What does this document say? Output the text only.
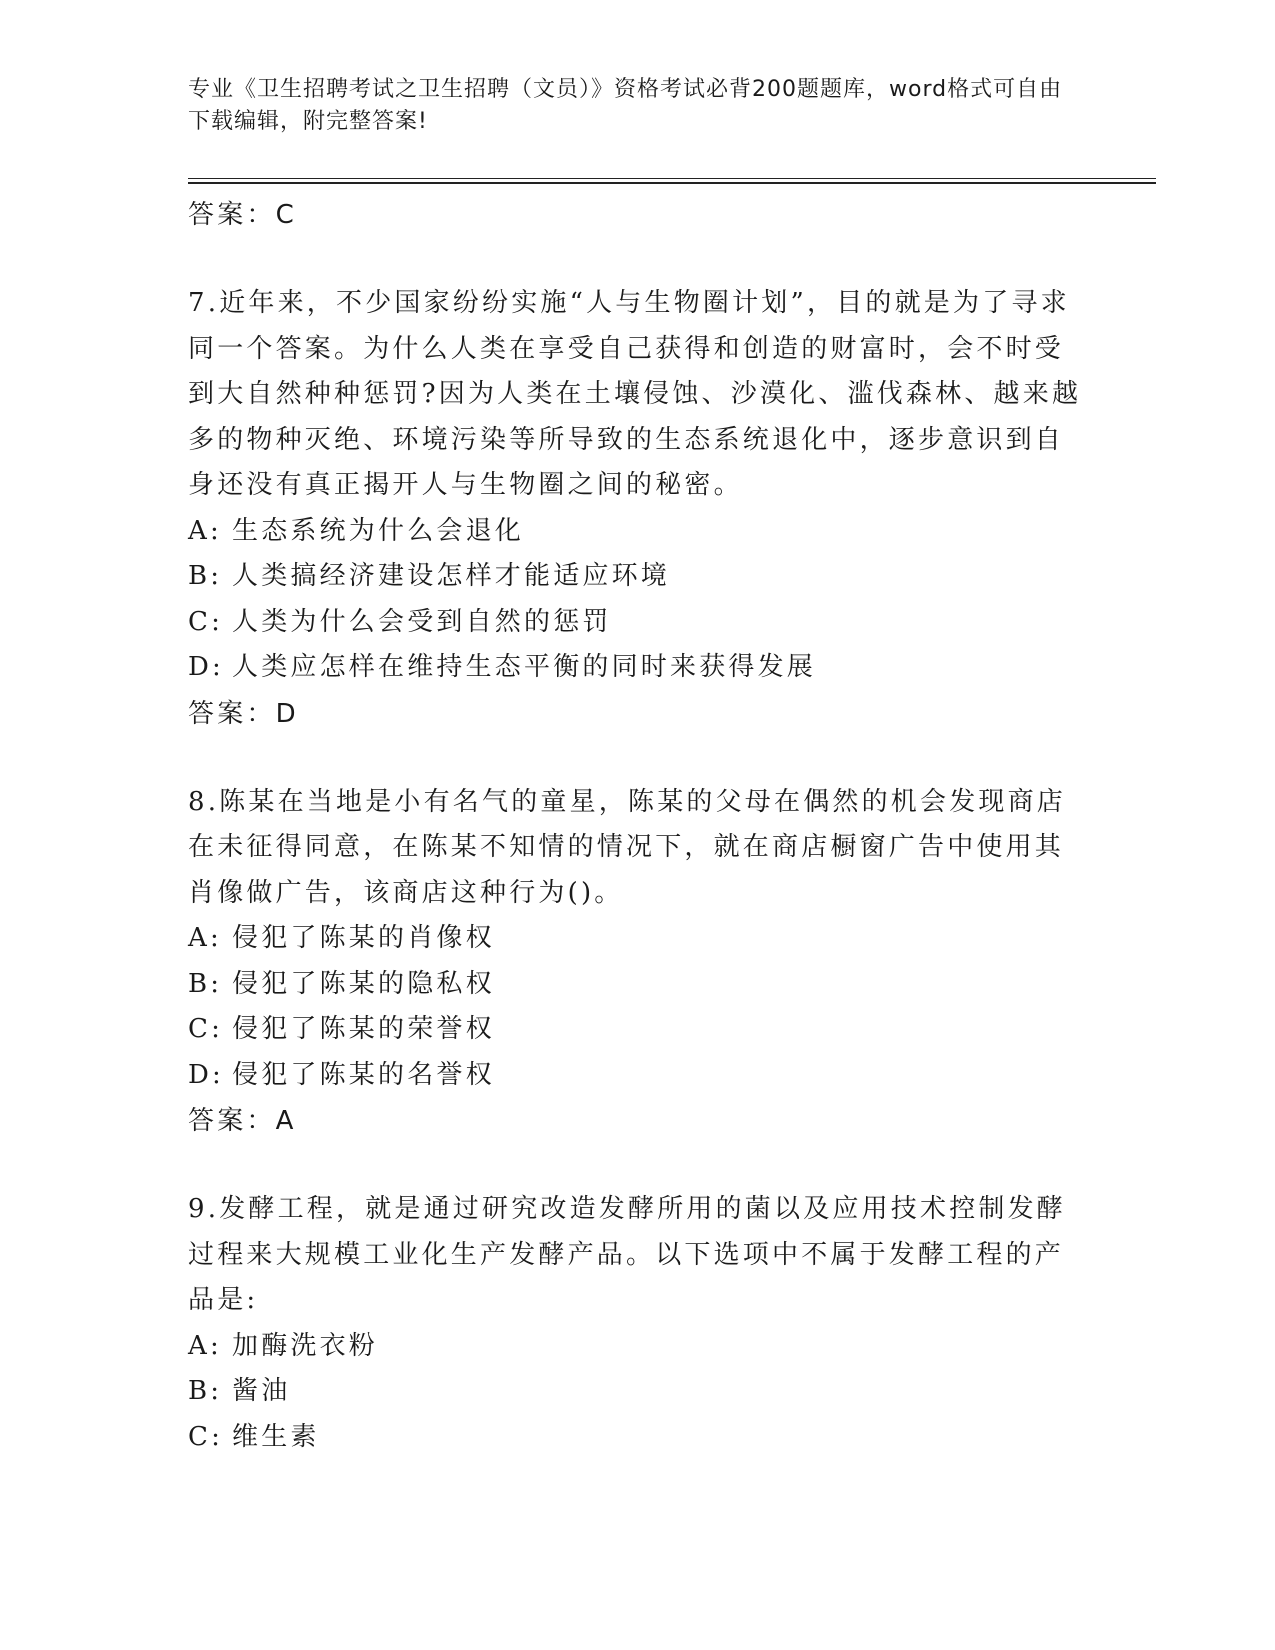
专业《卫生招聘考试之卫生招聘（文员）》资格考试必背200题题库，word格式可自由下载编辑，附完整答案!
答案：C
7.近年来，不少国家纷纷实施“人与生物圈计划”，目的就是为了寻求同一个答案。为什么人类在享受自己获得和创造的财富时，会不时受到大自然种种惩罚?因为人类在土壤侵蚀、沙漠化、滥伐森林、越来越多的物种灭绝、环境污染等所导致的生态系统退化中，逐步意识到自身还没有真正揭开人与生物圈之间的秘密。
A: 生态系统为什么会退化
B: 人类搞经济建设怎样才能适应环境
C: 人类为什么会受到自然的惩罚
D: 人类应怎样在维持生态平衡的同时来获得发展
答案：D
8.陈某在当地是小有名气的童星，陈某的父母在偶然的机会发现商店在未征得同意，在陈某不知情的情况下，就在商店橱窗广告中使用其肖像做广告，该商店这种行为()。
A: 侵犯了陈某的肖像权
B: 侵犯了陈某的隐私权
C: 侵犯了陈某的荣誉权
D: 侵犯了陈某的名誉权
答案：A
9.发酵工程，就是通过研究改造发酵所用的菌以及应用技术控制发酵过程来大规模工业化生产发酵产品。以下选项中不属于发酵工程的产品是:
A: 加酶洗衣粉
B: 酱油
C: 维生素
